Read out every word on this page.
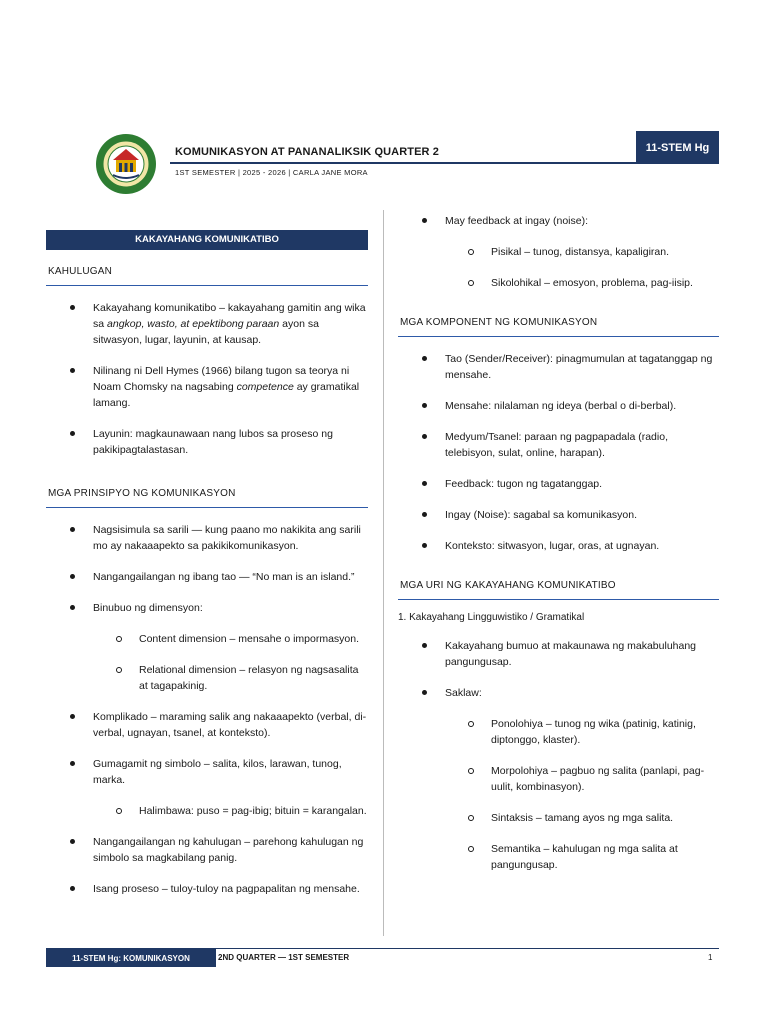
KOMUNIKASYON AT PANANALIKSIK QUARTER 2
1ST SEMESTER | 2025 - 2026 | CARLA JANE MORA
11-STEM Hg
KAKAYAHANG KOMUNIKATIBO
KAHULUGAN
Kakayahang komunikatibo – kakayahang gamitin ang wika sa angkop, wasto, at epektibong paraan ayon sa sitwasyon, lugar, layunin, at kausap.
Nilinang ni Dell Hymes (1966) bilang tugon sa teorya ni Noam Chomsky na nagsabing competence ay gramatikal lamang.
Layunin: magkaunawaan nang lubos sa proseso ng pakikipagtalastasan.
MGA PRINSIPYO NG KOMUNIKASYON
Nagsisimula sa sarili — kung paano mo nakikita ang sarili mo ay nakaaapekto sa pakikikomunikasyon.
Nangangailangan ng ibang tao — “No man is an island.”
Binubuo ng dimensyon:
Content dimension – mensahe o impormasyon.
Relational dimension – relasyon ng nagsasalita at tagapakinig.
Komplikado – maraming salik ang nakaaapekto (verbal, di-verbal, ugnayan, tsanel, at konteksto).
Gumagamit ng simbolo – salita, kilos, larawan, tunog, marka.
Halimbawa: puso = pag-ibig; bituin = karangalan.
Nangangailangan ng kahulugan – parehong kahulugan ng simbolo sa magkabilang panig.
Isang proseso – tuloy-tuloy na pagpapalitan ng mensahe.
May feedback at ingay (noise):
Pisikal – tunog, distansya, kapaligiran.
Sikolohikal – emosyon, problema, pag-iisip.
MGA KOMPONENT NG KOMUNIKASYON
Tao (Sender/Receiver): pinagmumulan at tagatanggap ng mensahe.
Mensahe: nilalaman ng ideya (berbal o di-berbal).
Medyum/Tsanel: paraan ng pagpapadala (radio, telebisyon, sulat, online, harapan).
Feedback: tugon ng tagatanggap.
Ingay (Noise): sagabal sa komunikasyon.
Konteksto: sitwasyon, lugar, oras, at ugnayan.
MGA URI NG KAKAYAHANG KOMUNIKATIBO
1. Kakayahang Lingguwistiko / Gramatikal
Kakayahang bumuo at makaunawa ng makabuluhang pangungusap.
Saklaw:
Ponolohiya – tunog ng wika (patinig, katinig, diptonggo, klaster).
Morpolohiya – pagbuo ng salita (panlapi, pag-uulit, kombinasyon).
Sintaksis – tamang ayos ng mga salita.
Semantika – kahulugan ng mga salita at pangungusap.
11-STEM Hg: KOMUNIKASYON	2ND QUARTER — 1ST SEMESTER	1
